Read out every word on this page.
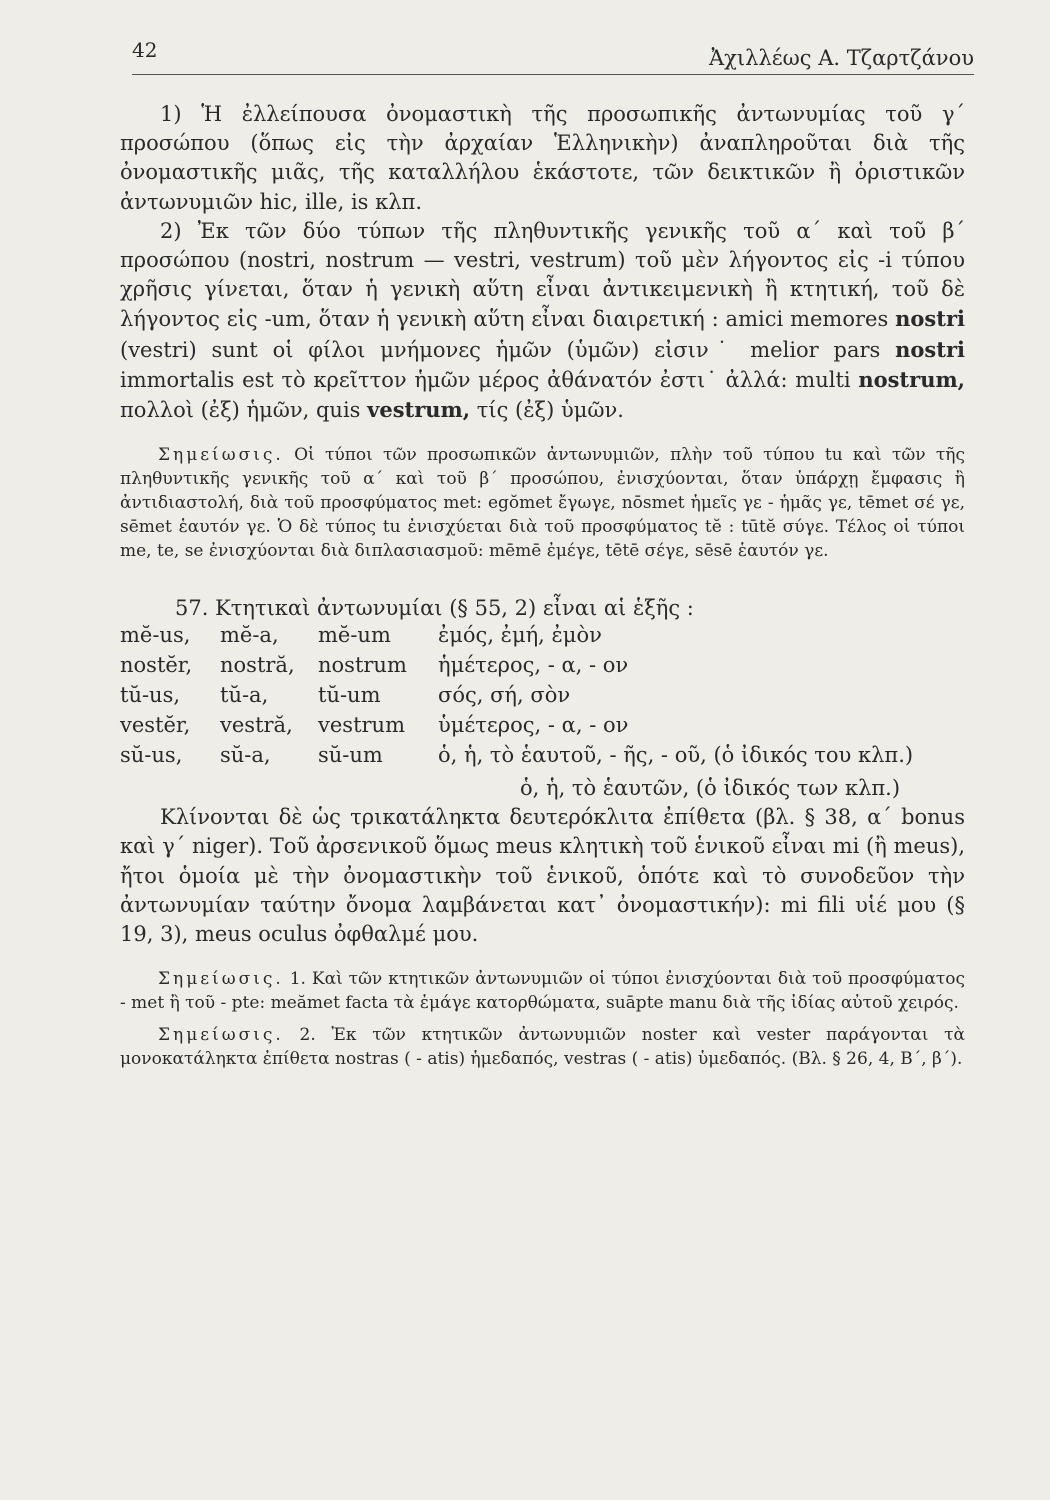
42	Ἀχιλλέως Α. Τζαρτζάνου

1) Ἡ ἐλλείπουσα ὀνομαστικὴ τῆς προσωπικῆς ἀντωνυμίας τοῦ γ΄ προσώπου (ὅπως εἰς τὴν ἀρχαίαν Ἑλληνικὴν) ἀναπληροῦται διὰ τῆς ὀνομαστικῆς μιᾶς, τῆς καταλλήλου ἑκάστοτε, τῶν δεικτικῶν ἢ ὁριστικῶν ἀντωνυμιῶν hic, ille, is κλπ.

2) Ἐκ τῶν δύο τύπων τῆς πληθυντικῆς γενικῆς τοῦ α΄ καὶ τοῦ β΄ προσώπου (nostri, nostrum — vestri, vestrum) τοῦ μὲν λήγοντος εἰς -i τύπου χρῆσις γίνεται, ὅταν ἡ γενικὴ αὕτη εἶναι ἀντικειμενικὴ ἢ κτητική, τοῦ δὲ λήγοντος εἰς -um, ὅταν ἡ γενικὴ αὕτη εἶναι διαιρετική : amici memores nostri (vestri) sunt οἱ φίλοι μνήμονες ἡμῶν (ὑμῶν) εἰσιν˙ melior pars nostri immortalis est τὸ κρεῖττον ἡμῶν μέρος ἀθάνατόν ἐστι˙ ἀλλά: multi nostrum, πολλοὶ (ἐξ) ἡμῶν, quis vestrum, τίς (ἐξ) ὑμῶν.

Σημείωσις. Οἱ τύποι τῶν προσωπικῶν ἀντωνυμιῶν, πλὴν τοῦ τύπου tu καὶ τῶν τῆς πληθυντικῆς γενικῆς τοῦ α΄ καὶ τοῦ β΄ προσώπου, ἐνισχύονται, ὅταν ὑπάρχῃ ἔμφασις ἢ ἀντιδιαστολή, διὰ τοῦ προσφύματος met: egŏmet ἔγωγε, nōsmet ἡμεῖς γε - ἡμᾶς γε, tēmet σέ γε, sēmet ἑαυτόν γε. Ὁ δὲ τύπος tu ἐνισχύεται διὰ τοῦ προσφύματος tĕ : tūtĕ σύγε. Τέλος οἱ τύποι me, te, se ἐνισχύονται διὰ διπλασιασμοῦ: mēmē ἐμέγε, tētē σέγε, sēsē ἑαυτόν γε.

57. Κτητικαὶ ἀντωνυμίαι (§ 55, 2) εἶναι αἱ ἑξῆς :

mĕ-us,	mĕ-a,	mĕ-um	ἐμός, ἐμή, ἐμὸν
nostĕr,	nostră,	nostrum	ἡμέτερος, - α, - ον
tŭ-us,	tŭ-a,	tŭ-um	σός, σή, σὸν
vestĕr,	vestră,	vestrum	ὑμέτερος, - α, - ον
sŭ-us,	sŭ-a,	sŭ-um	ὁ, ἡ, τὸ ἑαυτοῦ, - ῆς, - οῦ, (ὁ ἰδικός του κλπ.)

ὁ, ἡ, τὸ ἑαυτῶν, (ὁ ἰδικός των κλπ.)

Κλίνονται δὲ ὡς τρικατάληκτα δευτερόκλιτα ἐπίθετα (βλ. § 38, α΄ bonus καὶ γ΄ niger). Τοῦ ἀρσενικοῦ ὅμως meus κλητικὴ τοῦ ἑνικοῦ εἶναι mi (ἢ meus), ἤτοι ὁμοία μὲ τὴν ὀνομαστικὴν τοῦ ἑνικοῦ, ὁπότε καὶ τὸ συνοδεῦον τὴν ἀντωνυμίαν ταύτην ὄνομα λαμβάνεται κατ᾽ ὀνομαστικήν): mi fili υἱέ μου (§ 19, 3), meus oculus ὀφθαλμέ μου.

Σημείωσις. 1. Καὶ τῶν κτητικῶν ἀντωνυμιῶν οἱ τύποι ἐνισχύονται διὰ τοῦ προσφύματος - met ἢ τοῦ - pte: meămet facta τὰ ἐμάγε κατορθώματα, suāpte manu διὰ τῆς ἰδίας αὐτοῦ χειρός.

Σημείωσις. 2. Ἐκ τῶν κτητικῶν ἀντωνυμιῶν noster καὶ vester παράγονται τὰ μονοκατάληκτα ἐπίθετα nostras ( - atis) ἡμεδαπός, vestras ( - atis) ὑμεδαπός. (Βλ. § 26, 4, Β΄, β΄).
